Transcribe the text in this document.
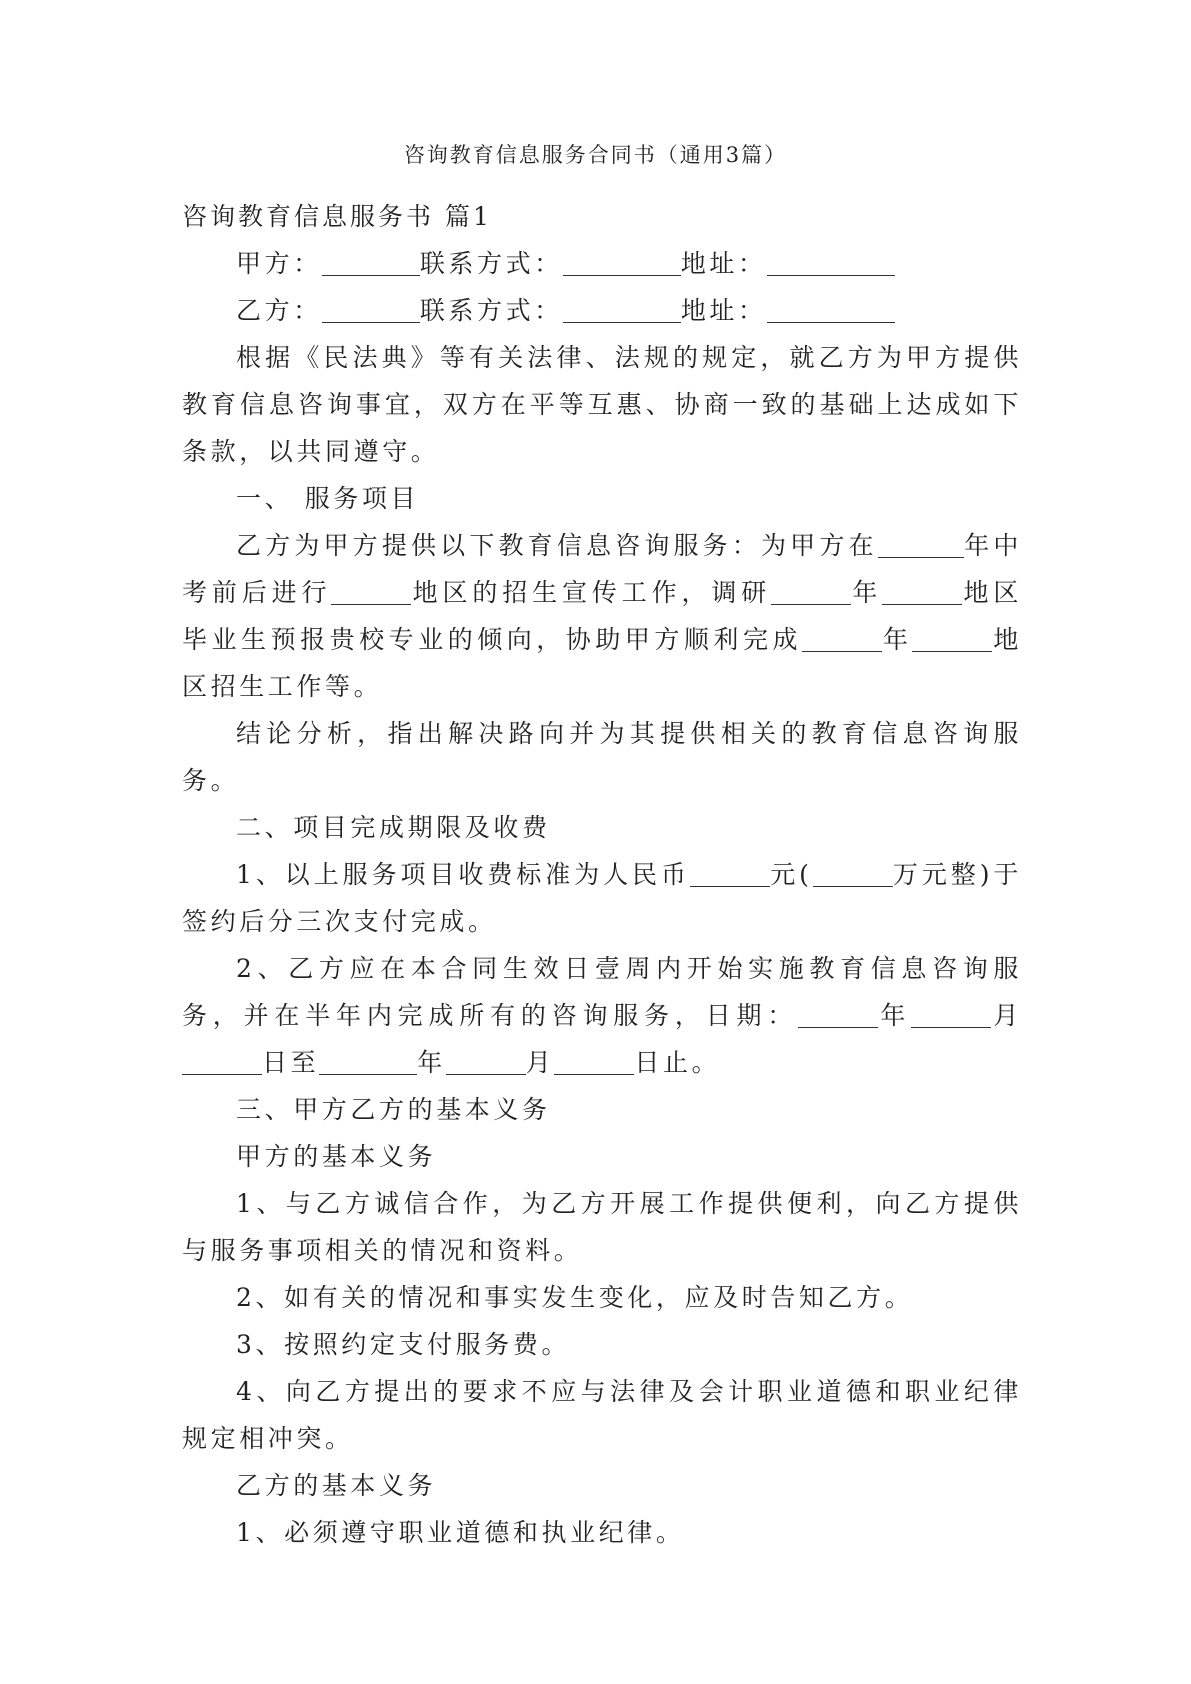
咨询教育信息服务合同书（通用3篇）
咨询教育信息服务书 篇1

甲方：	联系方式：	地址：

乙方：	联系方式：	地址：

根据《民法典》等有关法律、法规的规定，就乙方为甲方提供教育信息咨询事宜，双方在平等互惠、协商一致的基础上达成如下条款，以共同遵守。

一、 服务项目

乙方为甲方提供以下教育信息咨询服务：为甲方在	年中考前后进行	地区的招生宣传工作，调研	年	地区毕业生预报贵校专业的倾向，协助甲方顺利完成	年	地区招生工作等。

结论分析，指出解决路向并为其提供相关的教育信息咨询服务。

二、项目完成期限及收费

1、以上服务项目收费标准为人民币	元(	万元整)于签约后分三次支付完成。

2、乙方应在本合同生效日壹周内开始实施教育信息咨询服务，并在半年内完成所有的咨询服务，日期：	年	月日至	年	月	日止。

三、甲方乙方的基本义务

甲方的基本义务

1、与乙方诚信合作，为乙方开展工作提供便利，向乙方提供与服务事项相关的情况和资料。

2、如有关的情况和事实发生变化，应及时告知乙方。

3、按照约定支付服务费。

4、向乙方提出的要求不应与法律及会计职业道德和职业纪律规定相冲突。

乙方的基本义务

1、必须遵守职业道德和执业纪律。
